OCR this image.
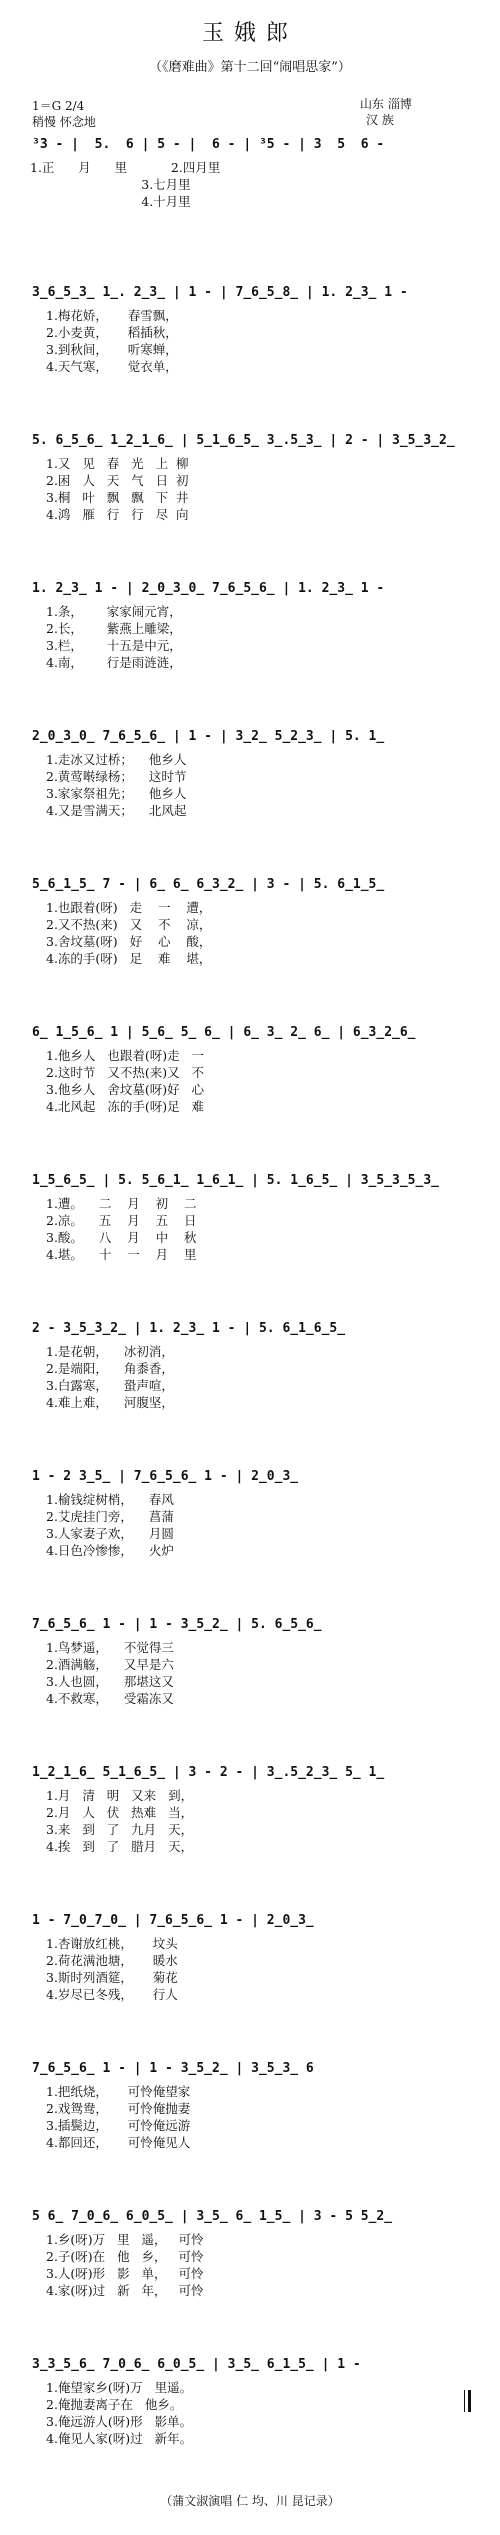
玉娥郎
（《磨难曲》第十二回“闹唱思家”）
1＝G 2/4
稍慢 怀念地
山东 淄博
汉 族
³3 ‑ |  5.  6 | 5 ‑ |  6 ‑ | ³5 ‑ | 3  5  6 ‑
1.正      月      里           2.四月里
3.七月里
4.十月里
3̲6̲5̲3̲ 1̲. 2̲3̲ | 1 ‑ | 7̲6̲5̲8̲ | 1. 2̲3̲ 1 ‑
1.梅花娇，     春雪飘，
2.小麦黄，     稻插秋，
3.到秋间，     听寒蝉，
4.天气寒，     觉衣单，
5. 6̲5̲6̲ 1̲2̲1̲6̲ | 5̲1̲6̲5̲ 3̲.5̲3̲ | 2 ‑ | 3̲5̲3̲2̲
1.又   见   春   光   上  柳
2.困   人   天   气   日  初
3.桐   叶   飘   飘   下  井
4.鸿   雁   行   行   尽  向
1. 2̲3̲ 1 ‑ | 2̲0̲3̲0̲ 7̲6̲5̲6̲ | 1. 2̲3̲ 1 ‑
1.条，      家家闹元宵，
2.长，      紫燕上雕梁，
3.栏，      十五是中元，
4.南，      行是雨涟涟，
2̲0̲3̲0̲ 7̲6̲5̲6̲ | 1 ‑ | 3̲2̲ 5̲2̲3̲ | 5. 1̲
1.走冰又过桥；    他乡人
2.黄莺啭绿杨；    这时节
3.家家祭祖先；    他乡人
4.又是雪满天；    北风起
5̲6̲1̲5̲ 7 ‑ | 6̲ 6̲ 6̲3̲2̲ | 3 ‑ | 5. 6̲1̲5̲
1.也跟着(呀)   走    一    遭，
2.又不热(来)   又    不    凉，
3.舍坟墓(呀)   好    心    酸，
4.冻的手(呀)   足    难    堪，
6̲ 1̲5̲6̲ 1 | 5̲6̲ 5̲ 6̲ | 6̲ 3̲ 2̲ 6̲ | 6̲3̲2̲6̲
1.他乡人   也跟着(呀)走   一
2.这时节   又不热(来)又   不
3.他乡人   舍坟墓(呀)好   心
4.北风起   冻的手(呀)足   难
1̲5̲6̲5̲ | 5. 5̲6̲1̲ 1̲6̲1̲ | 5. 1̲6̲5̲ | 3̲5̲3̲5̲3̲
1.遭。    二    月    初    二
2.凉。    五    月    五    日
3.酸。    八    月    中    秋
4.堪。    十    一    月    里
2 ‑ 3̲5̲3̲2̲ | 1. 2̲3̲ 1 ‑ | 5. 6̲1̲6̲5̲
1.是花朝，    冰初消，
2.是端阳，    角黍香，
3.白露寒，    蛩声喧，
4.难上难，    河腹坚，
1 ‑ 2 3̲5̲ | 7̲6̲5̲6̲ 1 ‑ | 2̲0̲3̲
1.榆钱绽树梢，    春风
2.艾虎挂门旁，    菖蒲
3.人家妻子欢，    月圆
4.日色冷惨惨，    火炉
7̲6̲5̲6̲ 1 ‑ | 1 ‑ 3̲5̲2̲ | 5. 6̲5̲6̲
1.鸟梦遥，    不觉得三
2.酒满觞，    又早是六
3.人也圆，    那堪这又
4.不救寒，    受霜冻又
1̲2̲1̲6̲ 5̲1̲6̲5̲ | 3 ‑ 2 ‑ | 3̲.5̲2̲3̲ 5̲ 1̲
1.月   清   明   又来   到，
2.月   人   伏   热难   当，
3.来   到   了   九月   天，
4.挨   到   了   腊月   天，
1 ‑ 7̲0̲7̲0̲ | 7̲6̲5̲6̲ 1 ‑ | 2̲0̲3̲
1.杏谢放红桃，     坟头
2.荷花满池塘，     暖水
3.斯时列酒筵，     菊花
4.岁尽已冬残，     行人
7̲6̲5̲6̲ 1 ‑ | 1 ‑ 3̲5̲2̲ | 3̲5̲3̲ 6
1.把纸烧，     可怜俺望家
2.戏鸳鸯，     可怜俺抛妻
3.插鬓边，     可怜俺远游
4.都回还，     可怜俺见人
5 6̲ 7̲0̲6̲ 6̲0̲5̲ | 3̲5̲ 6̲ 1̲5̲ | 3 ‑ 5 5̲2̲
1.乡(呀)万   里   遥，   可怜
2.子(呀)在   他   乡，   可怜
3.人(呀)形   影   单，   可怜
4.家(呀)过   新   年，   可怜
3̲3̲5̲6̲ 7̲0̲6̲ 6̲0̲5̲ | 3̲5̲ 6̲1̲5̲ | 1 ‑
1.俺望家乡(呀)万   里遥。
2.俺抛妻离子在   他乡。
3.俺远游人(呀)形   影单。
4.俺见人家(呀)过   新年。
（蒲文淑演唱 仁 均、川 昆记录）
